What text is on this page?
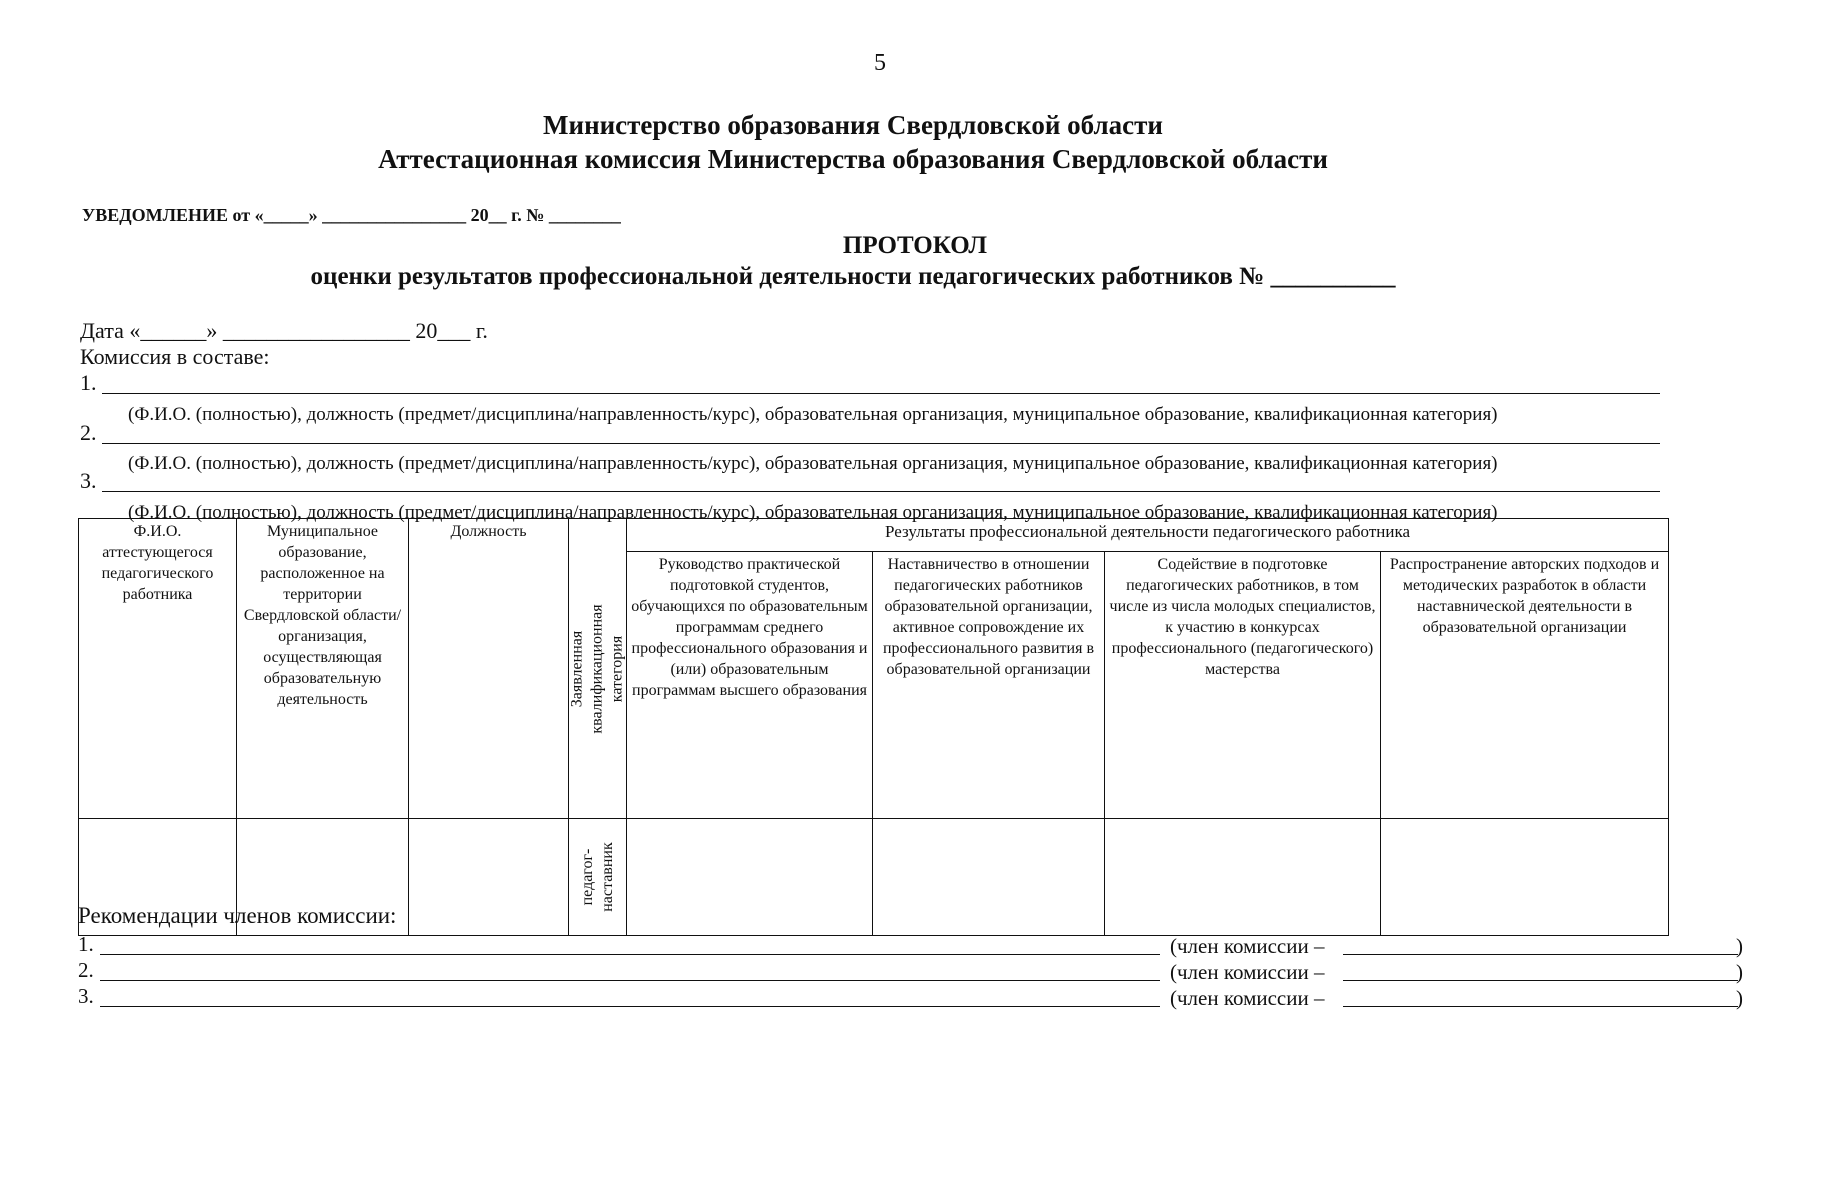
5
Министерство образования Свердловской области
Аттестационная комиссия Министерства образования Свердловской области
УВЕДОМЛЕНИЕ от «_____» ________________ 20__ г. № ________
ПРОТОКОЛ
оценки результатов профессиональной деятельности педагогических работников № __________
Дата «______» _________________ 20___ г.
Комиссия в составе:
1.
(Ф.И.О. (полностью), должность (предмет/дисциплина/направленность/курс), образовательная организация, муниципальное образование, квалификационная категория)
2.
(Ф.И.О. (полностью), должность (предмет/дисциплина/направленность/курс), образовательная организация, муниципальное образование, квалификационная категория)
3.
(Ф.И.О. (полностью), должность (предмет/дисциплина/направленность/курс), образовательная организация, муниципальное образование, квалификационная категория)
Ф.И.О. аттестующегося педагогического работника	Муниципальное образование, расположенное на территории Свердловской области/ организация, осуществляющая образовательную деятельность	Должность	Заявленная квалификационная категория	Результаты профессиональной деятельности педагогического работника			
				Руководство практической подготовкой студентов, обучающихся по образовательным программам среднего профессионального образования и (или) образовательным программам высшего образования	Наставничество в отношении педагогических работников образовательной организации, активное сопровождение их профессионального развития в образовательной организации	Содействие в подготовке педагогических работников, в том числе из числа молодых специалистов, к участию в конкурсах профессионального (педагогического) мастерства	Распространение авторских подходов и методических разработок в области наставнической деятельности в образовательной организации

			педагог-наставник				

Рекомендации членов комиссии:
1.	(член комиссии –	)
2.	(член комиссии –	)
3.	(член комиссии –	)
